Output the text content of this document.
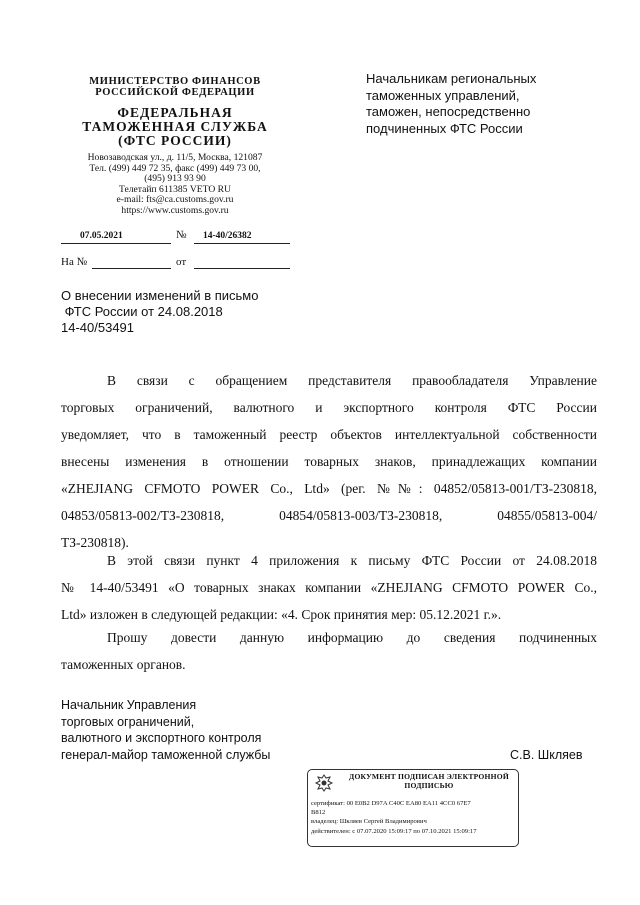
МИНИСТЕРСТВО ФИНАНСОВ
РОССИЙСКОЙ ФЕДЕРАЦИИ
ФЕДЕРАЛЬНАЯ
ТАМОЖЕННАЯ СЛУЖБА
(ФТС РОССИИ)
Новозаводская ул., д. 11/5, Москва, 121087
Тел. (499) 449 72 35, факс (499) 449 73 00,
(495) 913 93 90
Телетайп 611385 VETO RU
e-mail: fts@ca.customs.gov.ru
https://www.customs.gov.ru
07.05.2021	№ 14-40/26382
На №	от
Начальникам региональных
таможенных управлений,
таможен, непосредственно
подчиненных ФТС России
О внесении изменений в письмо
ФТС России от 24.08.2018
14-40/53491
В связи с обращением представителя правообладателя Управление
торговых ограничений, валютного и экспортного контроля ФТС России
уведомляет, что в таможенный реестр объектов интеллектуальной собственности
внесены изменения в отношении товарных знаков, принадлежащих компании
«ZHEJIANG CFMOTO POWER Co., Ltd» (рег. №№: 04852/05813-001/ТЗ-230818,
04853/05813-002/ТЗ-230818, 04854/05813-003/ТЗ-230818, 04855/05813-004/
ТЗ-230818).
В этой связи пункт 4 приложения к письму ФТС России от 24.08.2018
№ 14-40/53491 «О товарных знаках компании «ZHEJIANG CFMOTO POWER Co.,
Ltd» изложен в следующей редакции: «4. Срок принятия мер: 05.12.2021 г.».
Прошу довести данную информацию до сведения подчиненных
таможенных органов.
Начальник Управления
торговых ограничений,
валютного и экспортного контроля
генерал-майор таможенной службы	С.В. Шкляев
ДОКУМЕНТ ПОДПИСАН ЭЛЕКТРОННОЙ
ПОДПИСЬЮ
сертификат: 00 E0B2 D97A C40C EA80 EA11 4CC0 67E7
B812
владелец: Шкляев Сергей Владимирович
действителен: с 07.07.2020 15:09:17 по 07.10.2021 15:09:17
